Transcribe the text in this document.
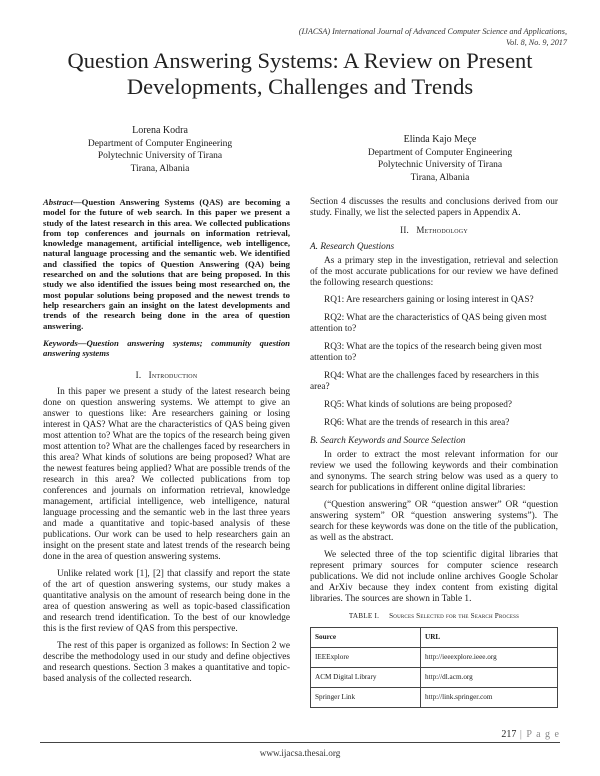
(IJACSA) International Journal of Advanced Computer Science and Applications,
Vol. 8, No. 9, 2017
Question Answering Systems: A Review on Present
Developments, Challenges and Trends
Lorena Kodra
Department of Computer Engineering
Polytechnic University of Tirana
Tirana, Albania
Elinda Kajo Meçe
Department of Computer Engineering
Polytechnic University of Tirana
Tirana, Albania

Abstract—Question Answering Systems (QAS) are becoming a model for the future of web search. In this paper we present a study of the latest research in this area. We collected publications from top conferences and journals on information retrieval, knowledge management, artificial intelligence, web intelligence, natural language processing and the semantic web. We identified and classified the topics of Question Answering (QA) being researched on and the solutions that are being proposed. In this study we also identified the issues being most researched on, the most popular solutions being proposed and the newest trends to help researchers gain an insight on the latest developments and trends of the research being done in the area of question answering.

Keywords—Question answering systems; community question answering systems

I. Introduction

In this paper we present a study of the latest research being done on question answering systems. We attempt to give an answer to questions like: Are researchers gaining or losing interest in QAS? What are the characteristics of QAS being given most attention to? What are the topics of the research being given most attention to? What are the challenges faced by researchers in this area? What kinds of solutions are being proposed? What are the newest features being applied? What are possible trends of the research in this area? We collected publications from top conferences and journals on information retrieval, knowledge management, artificial intelligence, web intelligence, natural language processing and the semantic web in the last three years and made a quantitative and topic-based analysis of these publications. Our work can be used to help researchers gain an insight on the present state and latest trends of the research being done in the area of question answering systems.

Unlike related work [1], [2] that classify and report the state of the art of question answering systems, our study makes a quantitative analysis on the amount of research being done in the area of question answering as well as topic-based classification and research trend identification. To the best of our knowledge this is the first review of QAS from this perspective.

The rest of this paper is organized as follows: In Section 2 we describe the methodology used in our study and define objectives and research questions. Section 3 makes a quantitative and topic-based analysis of the collected research.

Section 4 discusses the results and conclusions derived from our study. Finally, we list the selected papers in Appendix A.

II. Methodology
A. Research Questions

As a primary step in the investigation, retrieval and selection of the most accurate publications for our review we have defined the following research questions:

RQ1: Are researchers gaining or losing interest in QAS?

RQ2: What are the characteristics of QAS being given most attention to?

RQ3: What are the topics of the research being given most attention to?

RQ4: What are the challenges faced by researchers in this area?

RQ5: What kinds of solutions are being proposed?

RQ6: What are the trends of research in this area?

B. Search Keywords and Source Selection

In order to extract the most relevant information for our review we used the following keywords and their combination and synonyms. The search string below was used as a query to search for publications in different online digital libraries:

(“Question answering” OR “question answer” OR “question answering system” OR “question answering systems”). The search for these keywords was done on the title of the publication, as well as the abstract.

We selected three of the top scientific digital libraries that represent primary sources for computer science research publications. We did not include online archives Google Scholar and ArXiv because they index content from existing digital libraries. The sources are shown in Table 1.

TABLE I. Sources Selected for the Search Process
Source	URL
IEEExplore	http://ieeexplore.ieee.org
ACM Digital Library	http://dl.acm.org
Springer Link	http://link.springer.com
217 | P a g e
www.ijacsa.thesai.org
